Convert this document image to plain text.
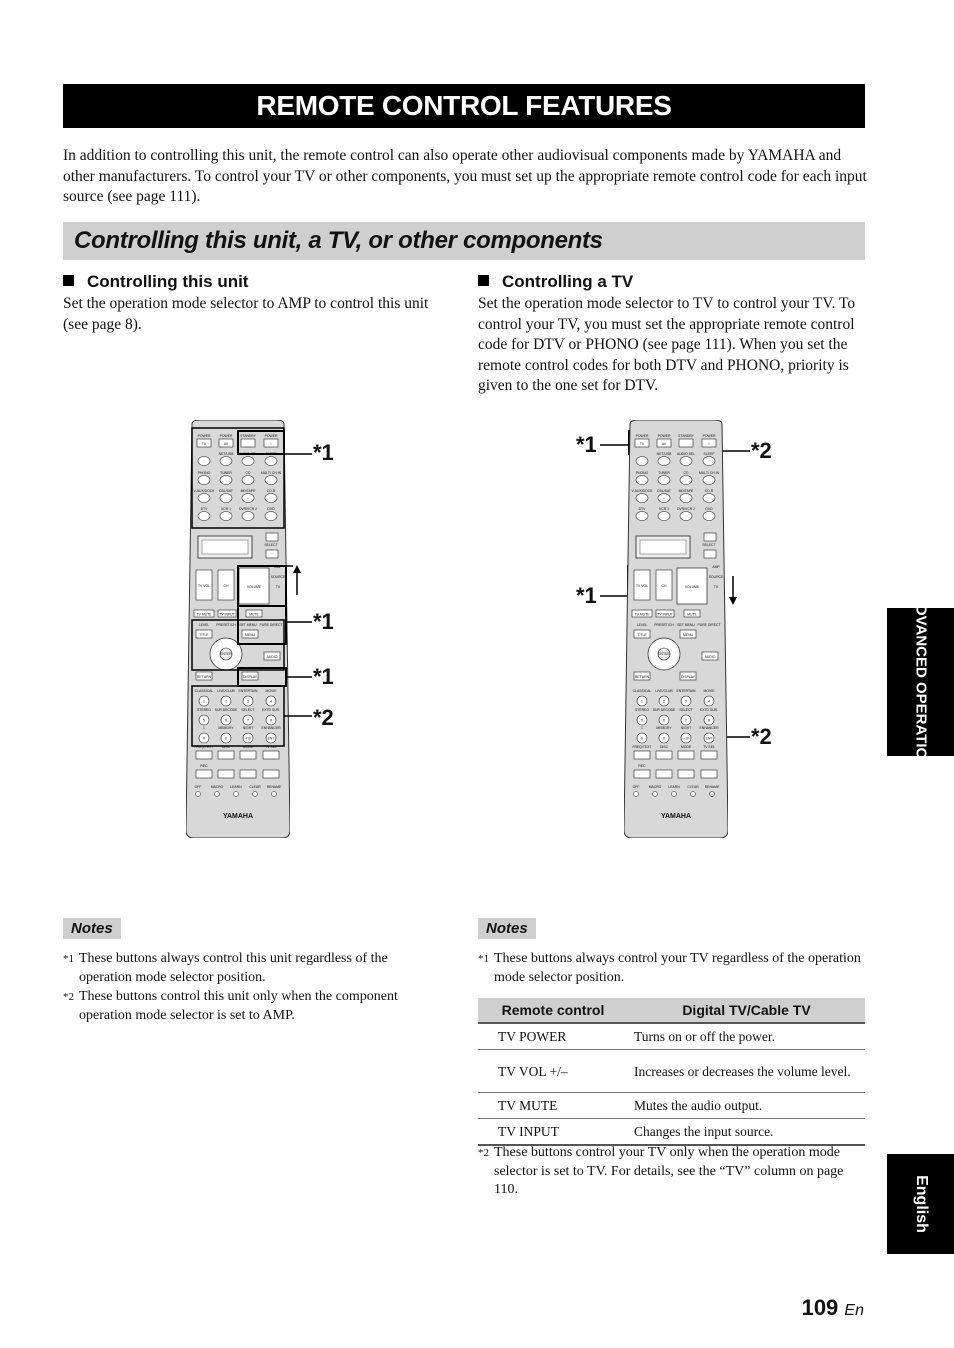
REMOTE CONTROL FEATURES
In addition to controlling this unit, the remote control can also operate other audiovisual components made by YAMAHA and other manufacturers. To control your TV or other components, you must set up the appropriate remote control code for each input source (see page 111).
Controlling this unit, a TV, or other components
Controlling this unit
Set the operation mode selector to AMP to control this unit (see page 8).
Controlling a TV
Set the operation mode selector to TV to control your TV. To control your TV, you must set the appropriate remote control code for DTV or PHONO (see page 111). When you set the remote control codes for both DTV and PHONO, priority is given to the one set for DTV.
POWER
TV
POWER
AV
STANDBY	POWER
I
NET/USB AUDIO SEL SLEEP
PHONO	TUNER	CD	MULTI CH IN
V-AUX/DOCK CBL/SAT MD/TAPE	CD-R
DTV	VCR 1 DVR/VCR 2	DVD
SELECT
TV VOL	CH	VOLUME
AMP
SOURCE
TV
TV MUTE TV INPUT	MUTE
LEVEL PRESET/CH SET MENU PURE DIRECT
TITLE	MENU
AUDIO
ENTER
RETURN	DISPLAY
CLASSICAL LIVE/CLUB ENTERTAIN MOVIE
STEREO SUR.DECODE SELECT EXTD SUR.
1	MEMORY	NIGHT ENHANCER
1	2	3	4
5	6	7	8
9	0	+10	ENT
FREQ/TEXT DISC	MODE	TV SEL
REC
OFF	MACRO LEARN CLEAR RENAME
YAMAHA
*1
*1
*1
*2
POWER
TV
POWER
AV
STANDBY	POWER
I
NET/USB AUDIO SEL SLEEP
PHONO	TUNER	CD	MULTI CH IN
V-AUX/DOCK CBL/SAT MD/TAPE	CD-R
DTV	VCR 1 DVR/VCR 2	DVD
SELECT
TV VOL	CH	VOLUME
AMP
SOURCE
TV
TV MUTE TV INPUT	MUTE
LEVEL PRESET/CH SET MENU PURE DIRECT
TITLE	MENU
AUDIO
ENTER
RETURN	DISPLAY
CLASSICAL LIVE/CLUB ENTERTAIN MOVIE
STEREO SUR.DECODE SELECT EXTD SUR.
1	MEMORY	NIGHT ENHANCER
1	2	3	4
5	6	7	8
9	0	+10	ENT
FREQ/TEXT DISC	MODE	TV SEL
REC
OFF	MACRO LEARN CLEAR RENAME
YAMAHA
*1	*2
*1
*2
Notes
*1 These buttons always control this unit regardless of the operation mode selector position.
*2 These buttons control this unit only when the component operation mode selector is set to AMP.
Notes
*1 These buttons always control your TV regardless of the operation mode selector position.
Remote control	Digital TV/Cable TV
TV POWER	Turns on or off the power.
TV VOL +/–	Increases or decreases the volume level.
TV MUTE	Mutes the audio output.
TV INPUT	Changes the input source.
*2 These buttons control your TV only when the operation mode selector is set to TV. For details, see the “TV” column on page 110.
ADVANCED OPERATION
English
109 En
